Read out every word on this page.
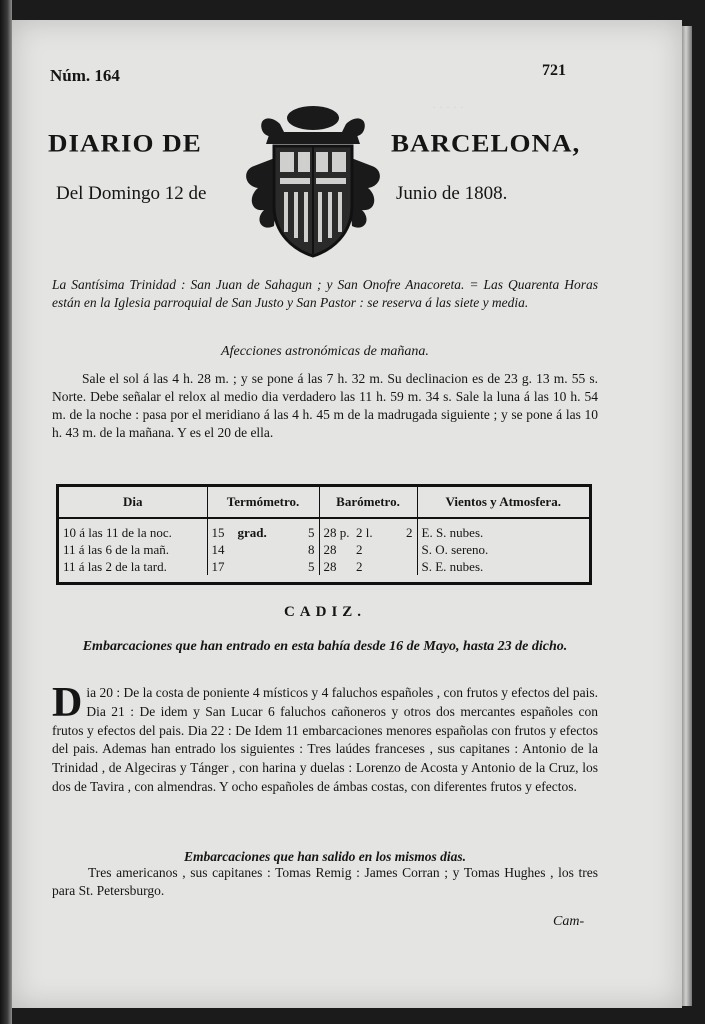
· · · · ·
Núm. 164	721
DIARIO DE	BARCELONA,
Del Domingo 12 de	Junio de 1808.
La Santísima Trinidad : San Juan de Sahagun ; y San Onofre Anacoreta. = Las Quarenta Horas están en la Iglesia parroquial de San Justo y San Pastor : se reserva á las siete y media.
Afecciones astronómicas de mañana.
Sale el sol á las 4 h. 28 m. ; y se pone á las 7 h. 32 m. Su declinacion es de 23 g. 13 m. 55 s. Norte. Debe señalar el relox al medio dia verdadero las 11 h. 59 m. 34 s. Sale la luna á las 10 h. 54 m. de la noche : pasa por el meridiano á las 4 h. 45 m de la madrugada siguiente ; y se pone á las 10 h. 43 m. de la mañana. Y es el 20 de ella.
Dia	Termómetro.	Barómetro.	Vientos y Atmosfera.
10 á las 11 de la noc.	15 grad. 5	28 p. 2 l. 2	E. S. nubes.
11 á las 6 de la mañ.	14 8	28 2	S. O. sereno.
11 á las 2 de la tard.	17 5	28 2	S. E. nubes.
CADIZ.
Embarcaciones que han entrado en esta bahía desde 16 de Mayo, hasta 23 de dicho.
Dia 20 : De la costa de poniente 4 místicos y 4 faluchos españoles , con frutos y efectos del pais. Dia 21 : De idem y San Lucar 6 faluchos cañoneros y otros dos mercantes españoles con frutos y efectos del pais. Dia 22 : De Idem 11 embarcaciones menores españolas con frutos y efectos del pais. Ademas han entrado los siguientes : Tres laúdes franceses , sus capitanes : Antonio de la Trinidad , de Algeciras y Tánger , con harina y duelas : Lorenzo de Acosta y Antonio de la Cruz, los dos de Tavira , con almendras. Y ocho españoles de ámbas costas, con diferentes frutos y efectos.
Embarcaciones que han salido en los mismos dias.
Tres americanos , sus capitanes : Tomas Remig : James Corran ; y Tomas Hughes , los tres para St. Petersburgo.
Cam-
